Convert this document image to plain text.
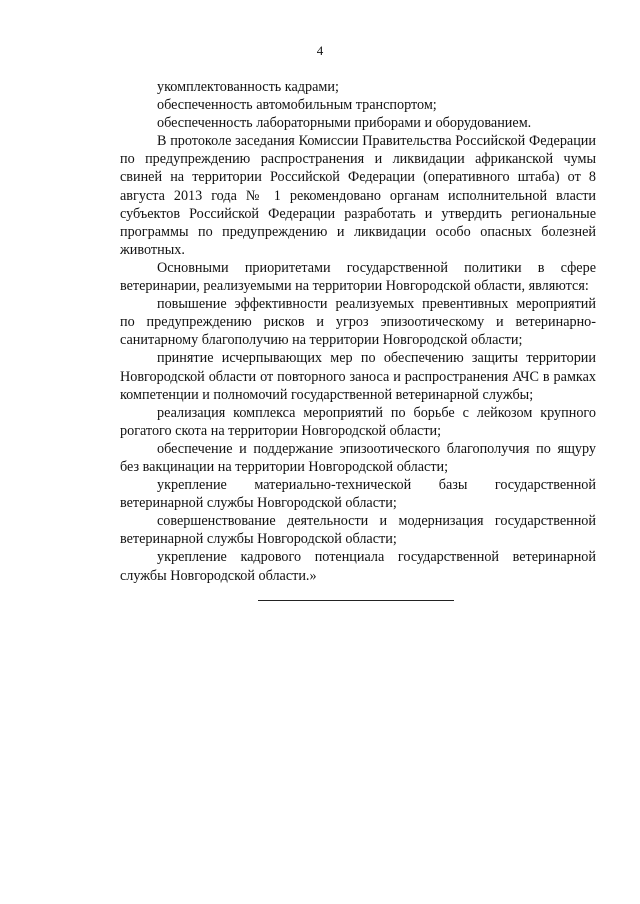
4

укомплектованность кадрами;

обеспеченность автомобильным транспортом;

обеспеченность лабораторными приборами и оборудованием.

В протоколе заседания Комиссии Правительства Российской Федерации по предупреждению распространения и ликвидации африканской чумы свиней на территории Российской Федерации (оперативного штаба) от 8 августа 2013 года № 1 рекомендовано органам исполнительной власти субъектов Российской Федерации разработать и утвердить региональные программы по предупреждению и ликвидации особо опасных болезней животных.

Основными приоритетами государственной политики в сфере ветеринарии, реализуемыми на территории Новгородской области, являются:

повышение эффективности реализуемых превентивных мероприятий по предупреждению рисков и угроз эпизоотическому и ветеринарно-санитарному благополучию на территории Новгородской области;

принятие исчерпывающих мер по обеспечению защиты территории Новгородской области от повторного заноса и распространения АЧС в рамках компетенции и полномочий государственной ветеринарной службы;

реализация комплекса мероприятий по борьбе с лейкозом крупного рогатого скота на территории Новгородской области;

обеспечение и поддержание эпизоотического благополучия по ящуру без вакцинации на территории Новгородской области;

укрепление материально-технической базы государственной ветеринарной службы Новгородской области;

совершенствование деятельности и модернизация государственной ветеринарной службы Новгородской области;

укрепление кадрового потенциала государственной ветеринарной службы Новгородской области.»
